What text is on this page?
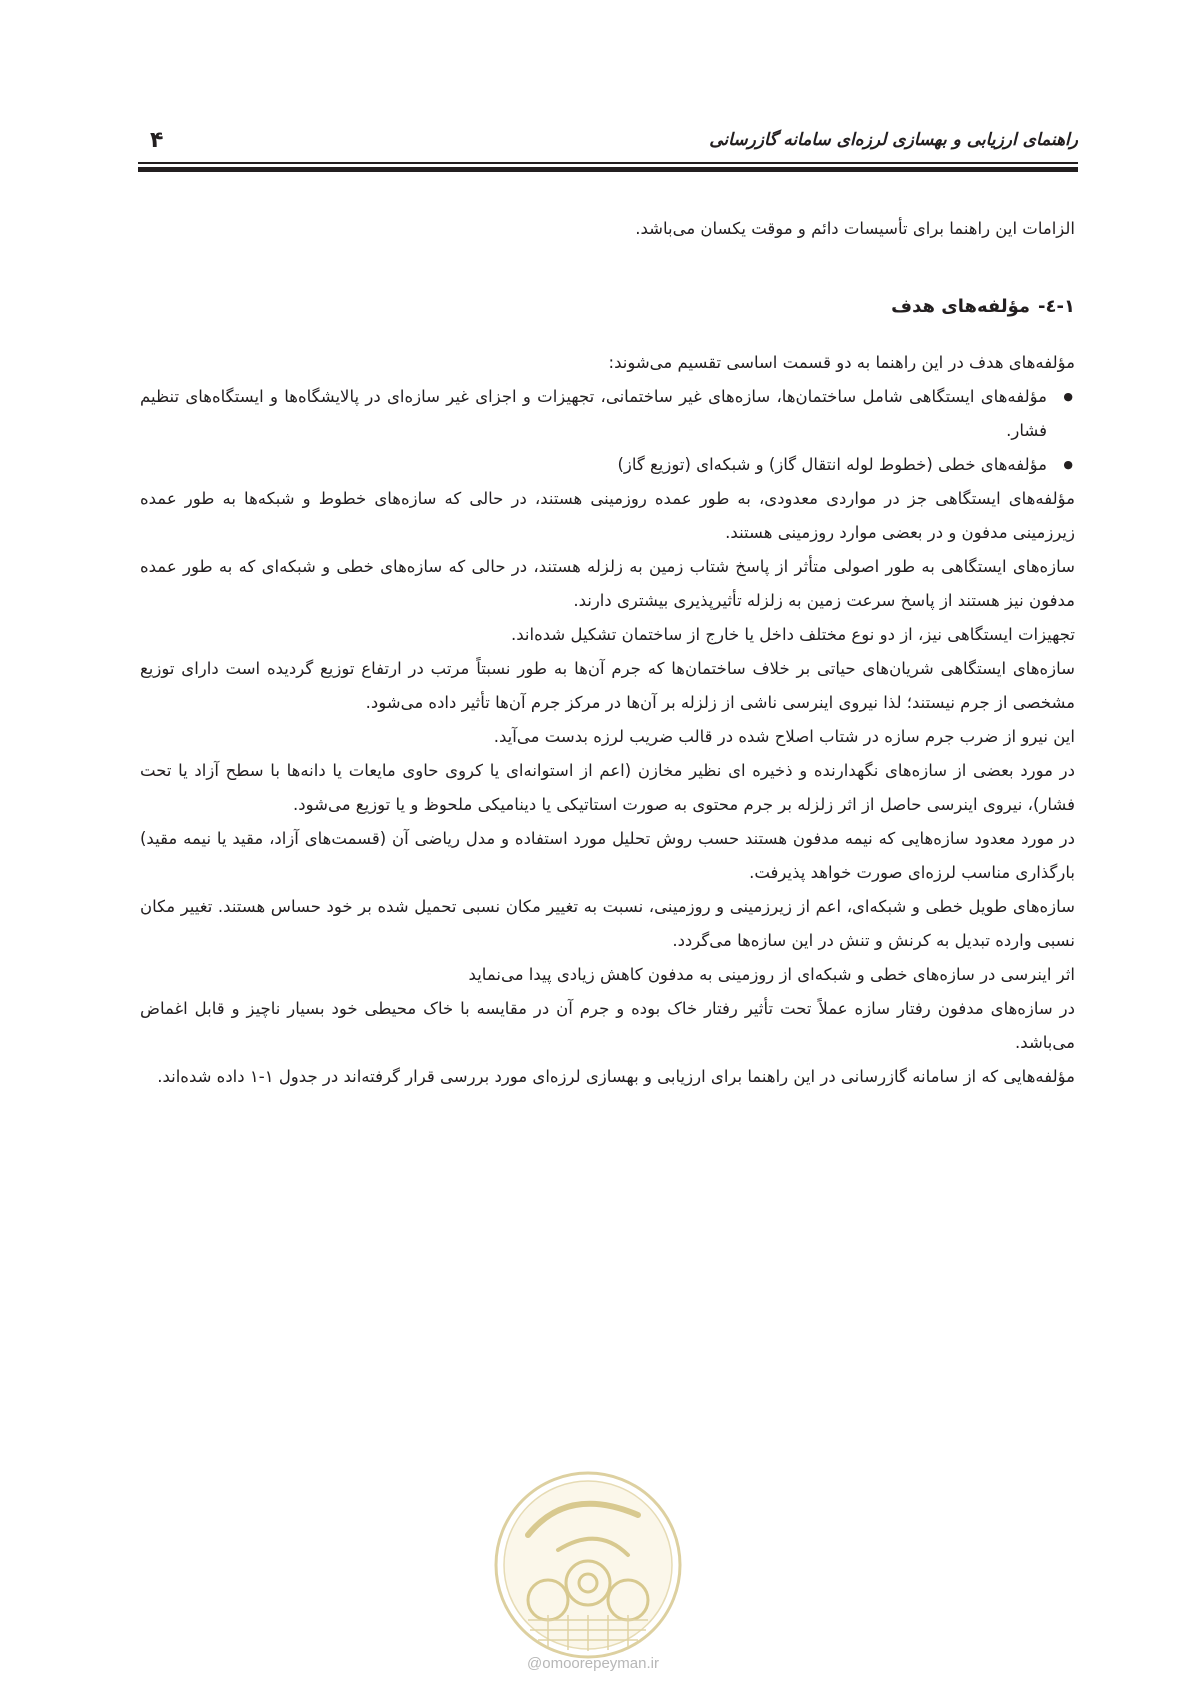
۴	راهنمای ارزیابی و بهسازی لرزه‌ای سامانه گازرسانی

الزامات این راهنما برای تأسیسات دائم و موقت یکسان می‌باشد.

۱-٤-
مؤلفه‌های هدف

مؤلفه‌های هدف در این راهنما به دو قسمت اساسی تقسیم می‌شوند:

● مؤلفه‌های ایستگاهی شامل ساختمان‌ها، سازه‌های غیر ساختمانی، تجهیزات و اجزای غیر سازه‌ای در پالایشگاه‌ها و ایستگاه‌های تنظیم فشار.
● مؤلفه‌های خطی (خطوط لوله انتقال گاز) و شبکه‌ای (توزیع گاز)

مؤلفه‌های ایستگاهی جز در مواردی معدودی، به طور عمده روزمینی هستند، در حالی که سازه‌های خطوط و شبکه‌ها به طور عمده زیرزمینی مدفون و در بعضی موارد روزمینی هستند.

سازه‌های ایستگاهی به طور اصولی متأثر از پاسخ شتاب زمین به زلزله هستند، در حالی که سازه‌های خطی و شبکه‌ای که به طور عمده مدفون نیز هستند از پاسخ سرعت زمین به زلزله تأثیرپذیری بیشتری دارند.

تجهیزات ایستگاهی نیز، از دو نوع مختلف داخل یا خارج از ساختمان تشکیل شده‌اند.

سازه‌های ایستگاهی شریان‌های حیاتی بر خلاف ساختمان‌ها که جرم آن‌ها به طور نسبتاً مرتب در ارتفاع توزیع گردیده است دارای توزیع مشخصی از جرم نیستند؛ لذا نیروی اینرسی ناشی از زلزله بر آن‌ها در مرکز جرم آن‌ها تأثیر داده می‌شود.

این نیرو از ضرب جرم سازه در شتاب اصلاح شده در قالب ضریب لرزه بدست می‌آید.

در مورد بعضی از سازه‌های نگهدارنده و ذخیره ای نظیر مخازن (اعم از استوانه‌ای یا کروی حاوی مایعات یا دانه‌ها با سطح آزاد یا تحت فشار)، نیروی اینرسی حاصل از اثر زلزله بر جرم محتوی به صورت استاتیکی یا دینامیکی ملحوظ و یا توزیع می‌شود.

در مورد معدود سازه‌هایی که نیمه مدفون هستند حسب روش تحلیل مورد استفاده و مدل ریاضی آن (قسمت‌های آزاد، مقید یا نیمه مقید) بارگذاری مناسب لرزه‌ای صورت خواهد پذیرفت.

سازه‌های طویل خطی و شبکه‌ای، اعم از زیرزمینی و روزمینی، نسبت به تغییر مکان نسبی تحمیل شده بر خود حساس هستند. تغییر مکان نسبی وارده تبدیل به کرنش و تنش در این سازه‌ها می‌گردد.

اثر اینرسی در سازه‌های خطی و شبکه‌ای از روزمینی به مدفون کاهش زیادی پیدا می‌نماید

در سازه‌های مدفون رفتار سازه عملاً تحت تأثیر رفتار خاک بوده و جرم آن در مقایسه با خاک محیطی خود بسیار ناچیز و قابل اغماض می‌باشد.

مؤلفه‌هایی که از سامانه گازرسانی در این راهنما برای ارزیابی و بهسازی لرزه‌ای مورد بررسی قرار گرفته‌اند در جدول ۱-۱ داده شده‌اند.

@omoorepeyman.ir
